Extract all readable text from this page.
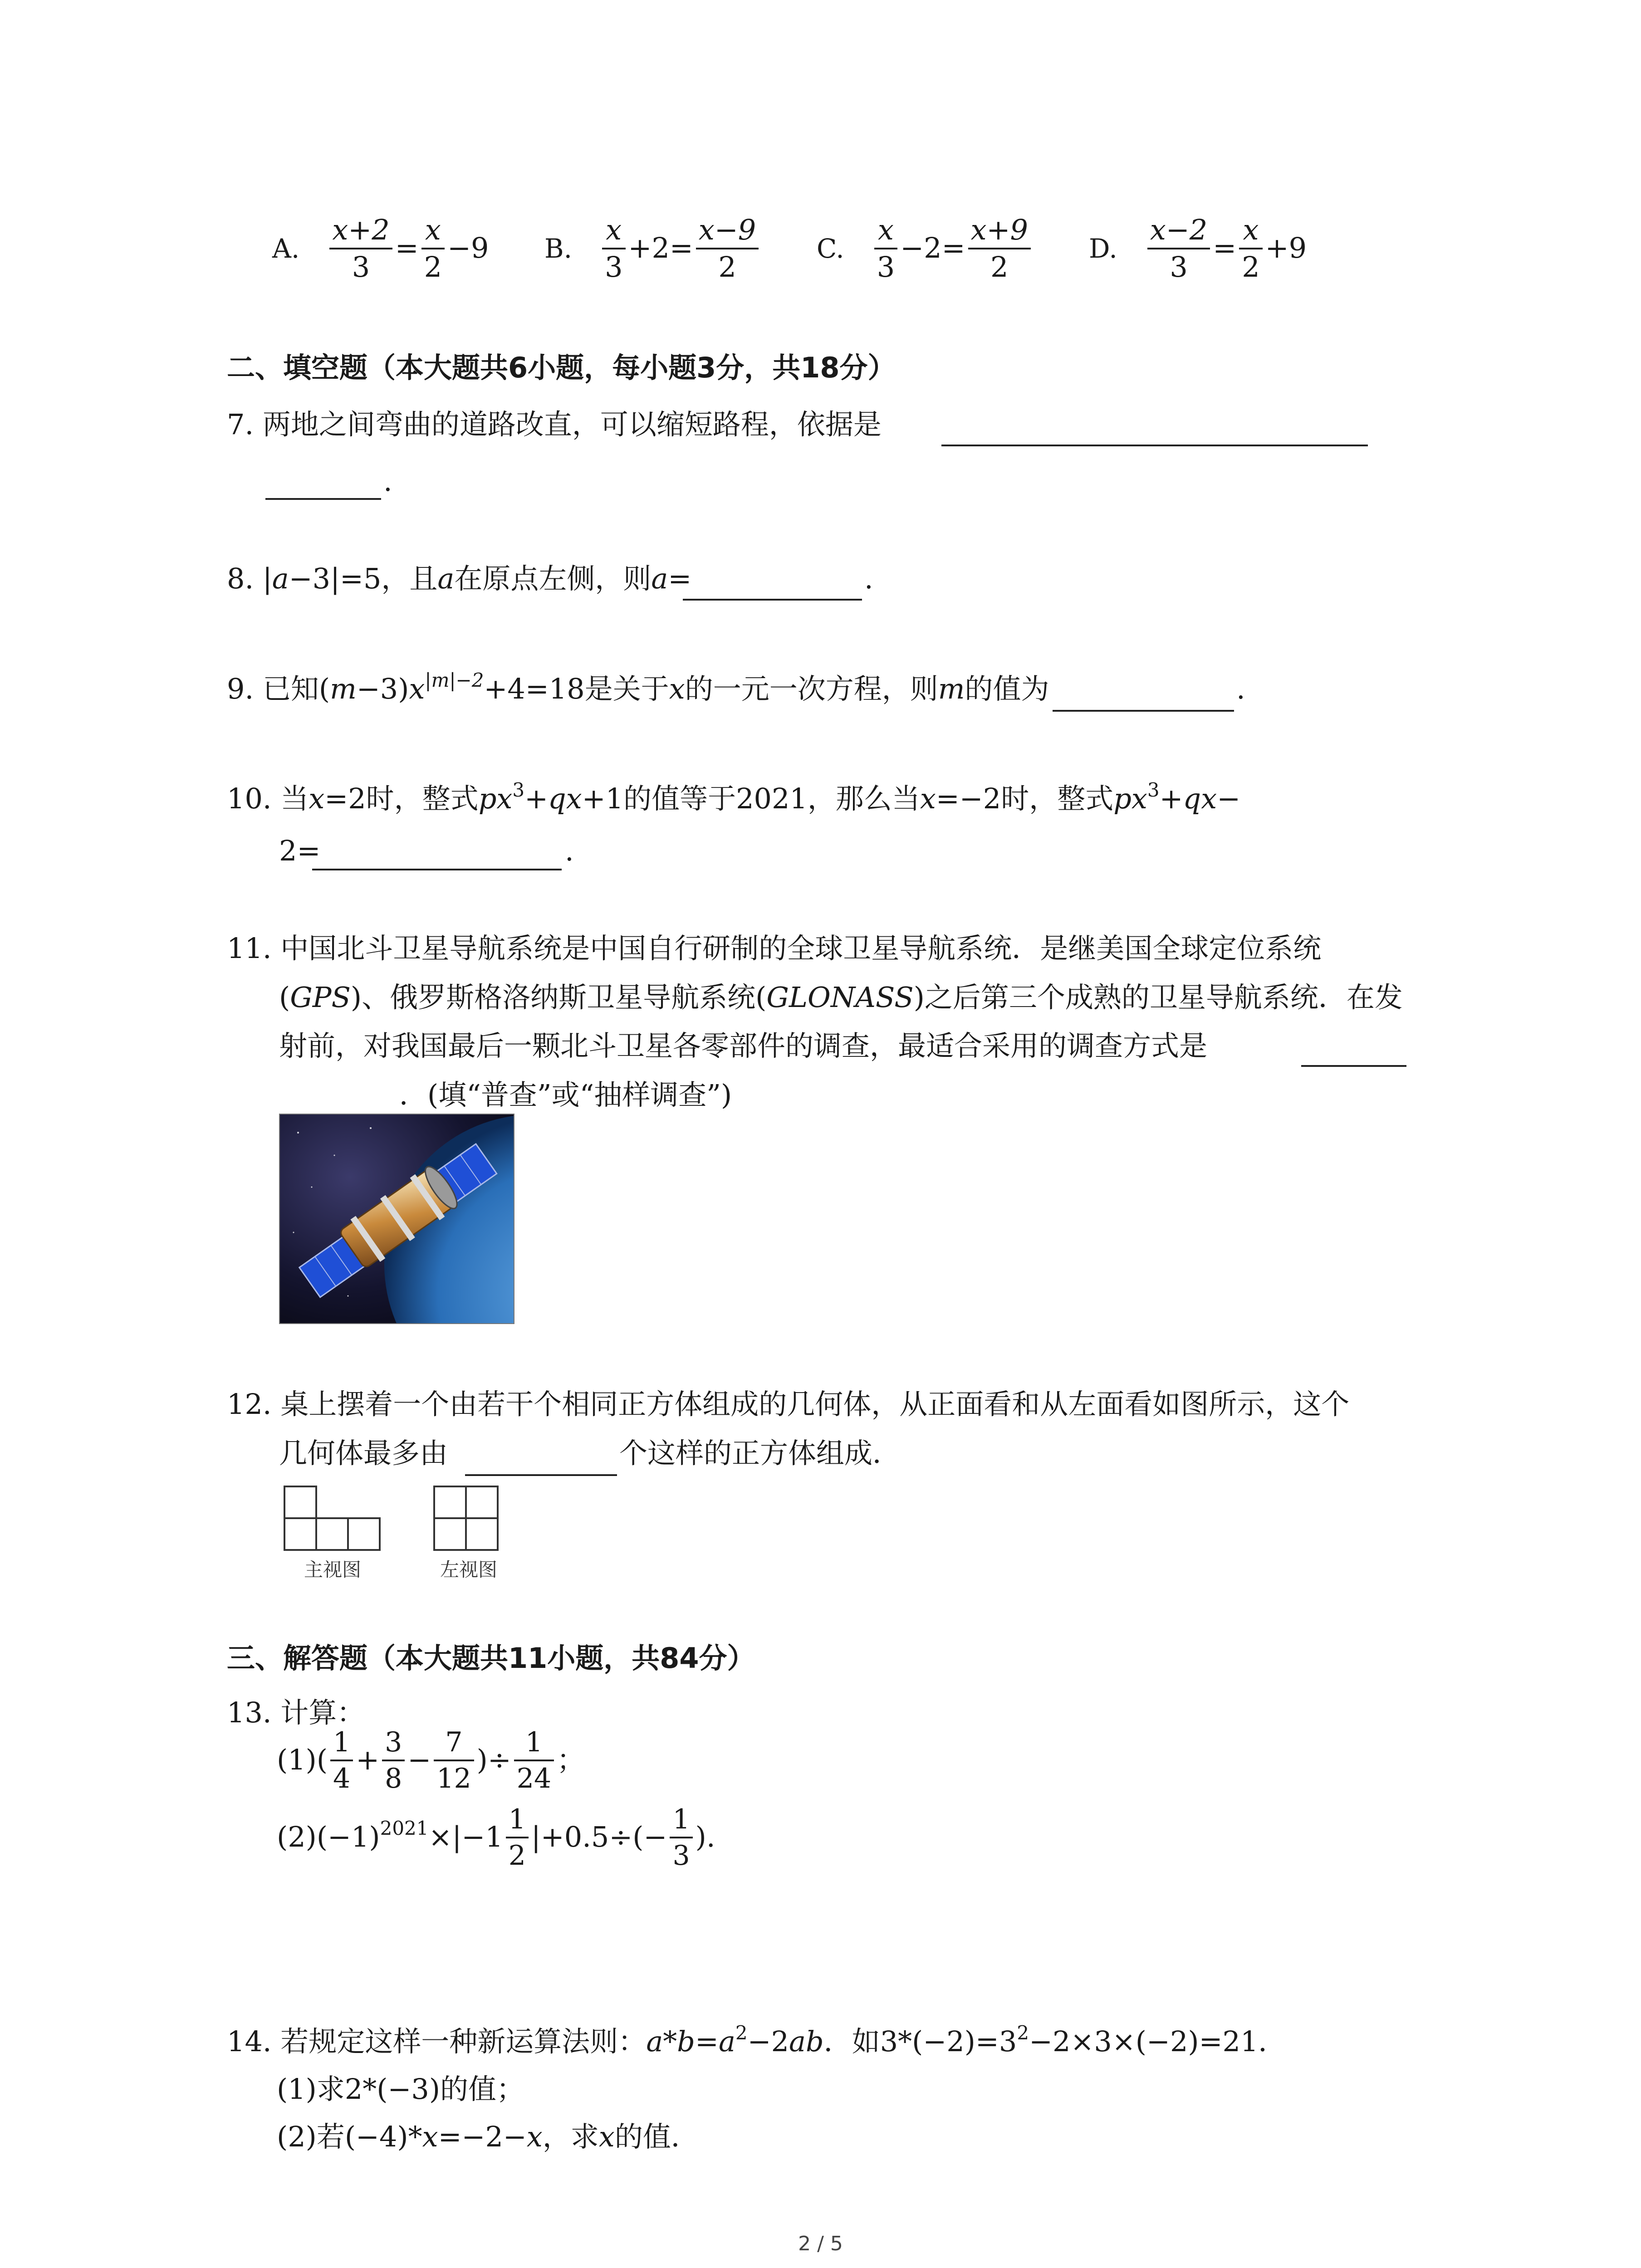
A. $\frac{x+2}{3} = \frac{x}{2} -9$ B. $\frac{x}{3} +2= \frac{x-9}{2} C$. $\frac{x}{3} -2= \frac{x+9}{2} D$. $\frac{x-2}{3} = \frac{x}{2} +9$
二、填空题（本大题共6小题，每小题3分，共18分）
7. 两地之间弯曲的道路改直，可以缩短路程，依据是
.
8. |a−3|=5，且a在原点左侧，则a=	.
9. 已知$(m-3)x^{|m|-2}+4=18$是关于x的一元一次方程，则m的值为	.
10. 当x=2时，整式$px^3+qx+1$的值等于2021，那么当x=−2时，整式$px^3+qx-$
2=	.
11. 中国北斗卫星导航系统是中国自行研制的全球卫星导航系统．是继美国全球定位系统
(GPS)、俄罗斯格洛纳斯卫星导航系统(GLONASS)之后第三个成熟的卫星导航系统．在发
射前，对我国最后一颗北斗卫星各零部件的调查，最适合采用的调查方式是
．(填“普查”或“抽样调查”)
12. 桌上摆着一个由若干个相同正方体组成的几何体，从正面看和从左面看如图所示，这个
几何体最多由	个这样的正方体组成．
主视图	左视图
三、解答题（本大题共11小题，共84分）
13. 计算：
$(1)( \frac{1}{4} + \frac{3}{8} - \frac{7}{12}$ )÷ $\frac{1}{24}$ ；
$(2)(-1)^{2021}\times|-1 \frac{1}{2} |+0.5\div(- \frac{1}{3}$ ).
14. 若规定这样一种新运算法则：$a*b=a^2-2ab$．如$3*(-2)=3^2-2\times 3\times(-2)=21$．
(1)求2*(−3)的值；
(2)若(−4)*x=−2−x，求x的值．
2 / 5
